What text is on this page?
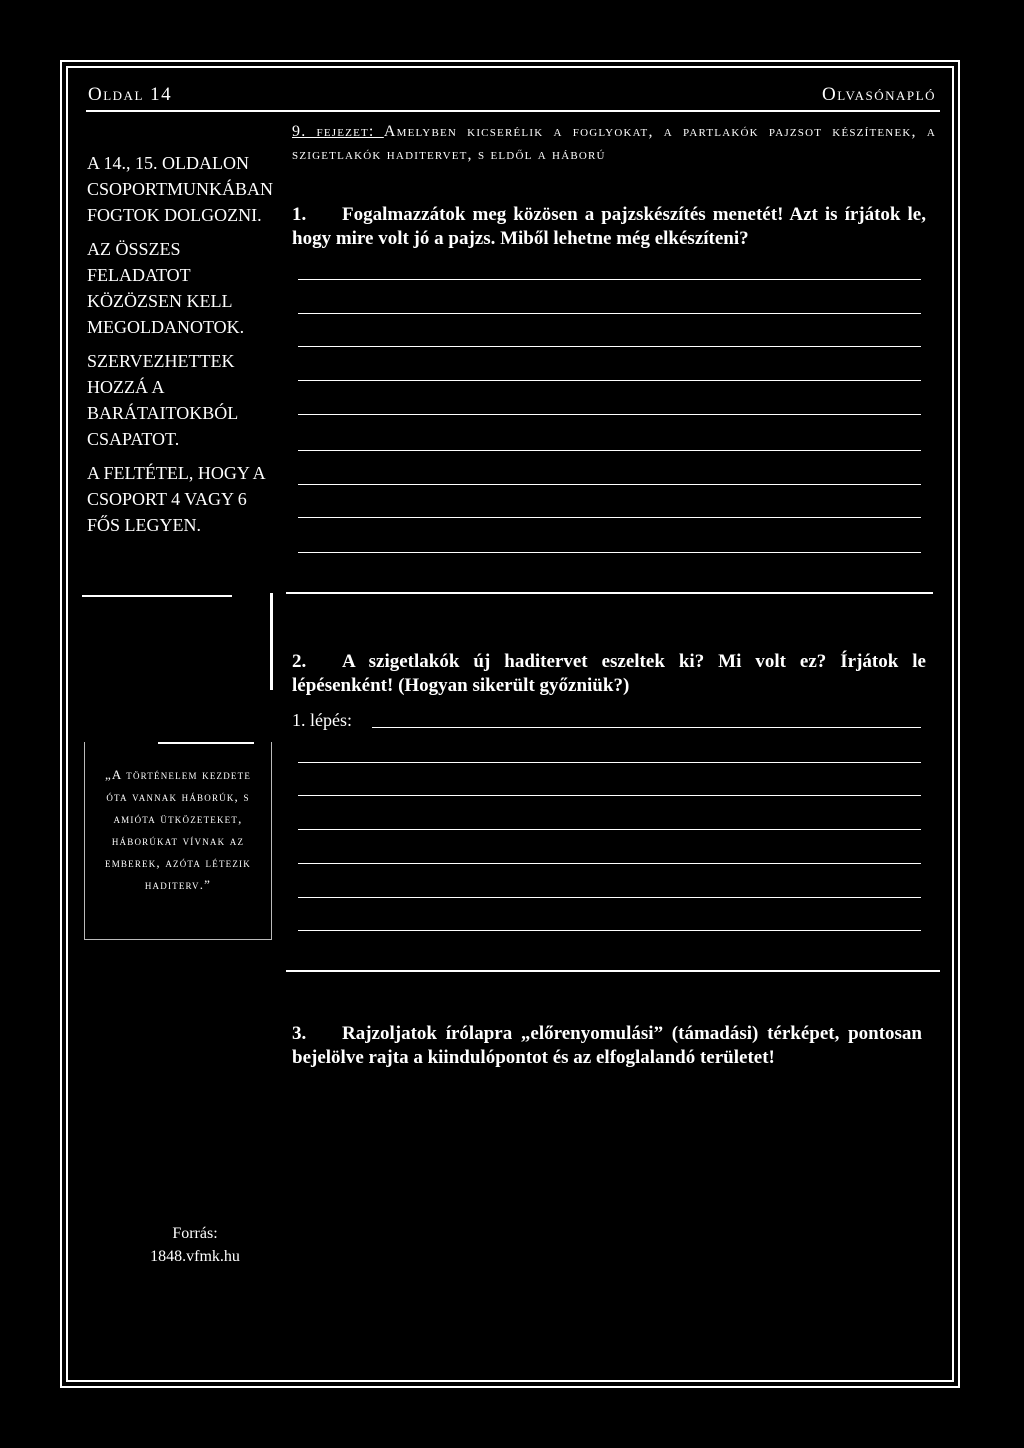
Oldal 14	Olvasónapló

A 14., 15. OLDALON CSOPORTMUNKÁBAN FOGTOK DOLGOZNI.

AZ ÖSSZES FELADATOT KÖZÖZSEN KELL MEGOLDANOTOK.

SZERVEZHETTEK HOZZÁ A BARÁTAITOKBÓL CSAPATOT.

A FELTÉTEL, HOGY A CSOPORT 4 VAGY 6 FŐS LEGYEN.

„A történelem kezdete óta vannak háborúk, s amióta ütközeteket, háborúkat vívnak az emberek, azóta létezik haditerv.”
Forrás:
1848.vfmk.hu
9. fejezet: Amelyben kicserélik a foglyokat, a partlakók pajzsot készítenek, a szigetlakók haditervet, s eldől a háború
1. Fogalmazzátok meg közösen a pajzskészítés menetét! Azt is írjátok le, hogy mire volt jó a pajzs. Miből lehetne még elkészíteni?
2. A szigetlakók új haditervet eszeltek ki? Mi volt ez? Írjátok le lépésenként! (Hogyan sikerült győzniük?)
1. lépés:
3. Rajzoljatok írólapra „előrenyomulási” (támadási) térképet, pontosan bejelölve rajta a kiindulópontot és az elfoglalandó területet!
